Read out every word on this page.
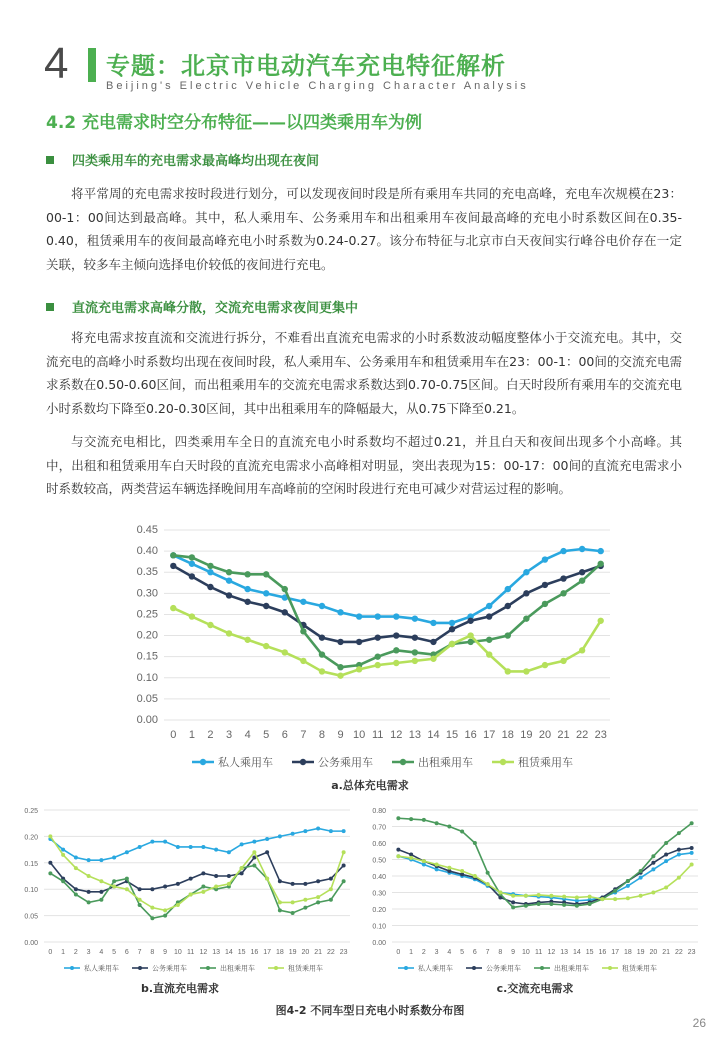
4 专题：北京市电动汽车充电特征解析
Beijing's Electric Vehicle Charging Character Analysis
4.2 充电需求时空分布特征——以四类乘用车为例
四类乘用车的充电需求最高峰均出现在夜间
将平常周的充电需求按时段进行划分，可以发现夜间时段是所有乘用车共同的充电高峰，充电车次规模在23：00-1：00间达到最高峰。其中，私人乘用车、公务乘用车和出租乘用车夜间最高峰的充电小时系数区间在0.35-0.40，租赁乘用车的夜间最高峰充电小时系数为0.24-0.27。该分布特征与北京市白天夜间实行峰谷电价存在一定关联，较多车主倾向选择电价较低的夜间进行充电。
直流充电需求高峰分散，交流充电需求夜间更集中
将充电需求按直流和交流进行拆分，不难看出直流充电需求的小时系数波动幅度整体小于交流充电。其中，交流充电的高峰小时系数均出现在夜间时段，私人乘用车、公务乘用车和租赁乘用车在23：00-1：00间的交流充电需求系数在0.50-0.60区间，而出租乘用车的交流充电需求系数达到0.70-0.75区间。白天时段所有乘用车的交流充电小时系数均下降至0.20-0.30区间，其中出租乘用车的降幅最大，从0.75下降至0.21。
与交流充电相比，四类乘用车全日的直流充电小时系数均不超过0.21，并且白天和夜间出现多个小高峰。其中，出租和租赁乘用车白天时段的直流充电需求小高峰相对明显，突出表现为15：00-17：00间的直流充电需求小时系数较高，两类营运车辆选择晚间用车高峰前的空闲时段进行充电可减少对营运过程的影响。
0.00
0.05
0.10
0.15
0.20
0.25
0.30
0.35
0.40
0.45
0 1 2 3 4 5 6 7 8 9 10 11 12 13 14 15 16 17 18 19 20 21 22 23
私人乘用车	公务乘用车	出租乘用车	租赁乘用车
a.总体充电需求
0.00
0.05
0.10
0.15
0.20
0.25
0 1 2 3 4 5 6 7 8 9 10 11 12 13 14 15 16 17 18 19 20 21 22 23
私人乘用车	公务乘用车	出租乘用车	租赁乘用车
b.直流充电需求
0.00
0.10
0.20
0.30
0.40
0.50
0.60
0.70
0.80
0 1 2 3 4 5 6 7 8 9 10 11 12 13 14 15 16 17 18 19 20 21 22 23
私人乘用车	公务乘用车	出租乘用车	租赁乘用车
c.交流充电需求
图4-2 不同车型日充电小时系数分布图
26
